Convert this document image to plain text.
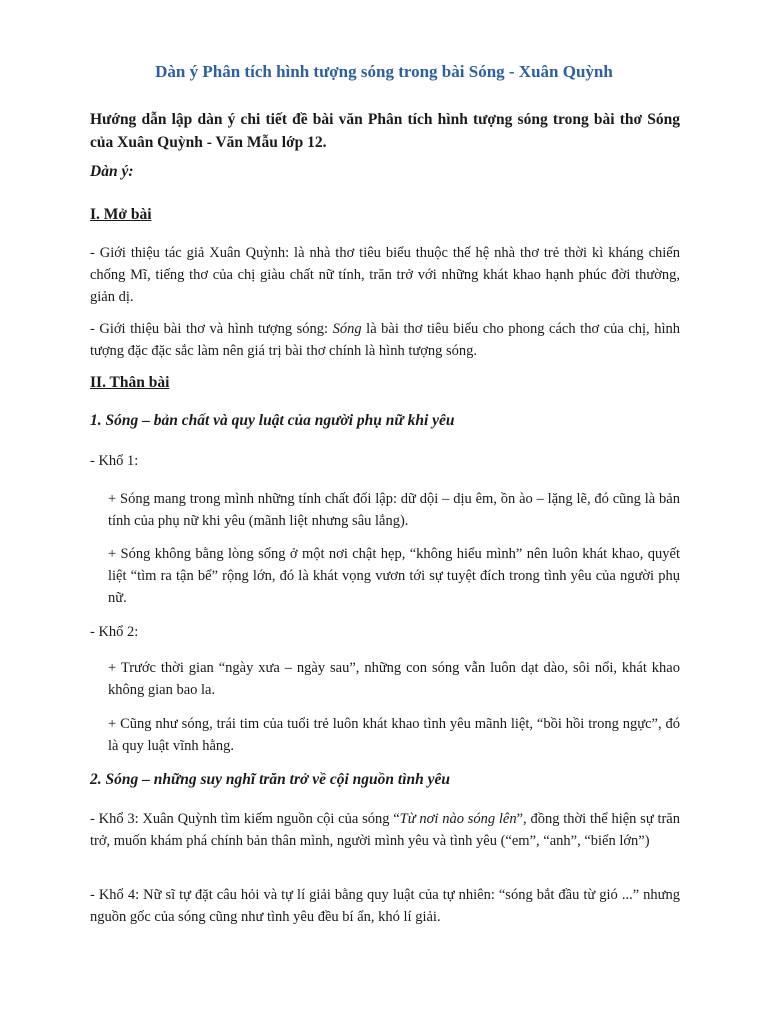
Dàn ý Phân tích hình tượng sóng trong bài Sóng - Xuân Quỳnh
Hướng dẫn lập dàn ý chi tiết đề bài văn Phân tích hình tượng sóng trong bài thơ Sóng của Xuân Quỳnh - Văn Mẫu lớp 12.
Dàn ý:
I. Mở bài
- Giới thiệu tác giả Xuân Quỳnh: là nhà thơ tiêu biểu thuộc thế hệ nhà thơ trẻ thời kì kháng chiến chống Mĩ, tiếng thơ của chị giàu chất nữ tính, trăn trở với những khát khao hạnh phúc đời thường, giản dị.
- Giới thiệu bài thơ và hình tượng sóng: Sóng là bài thơ tiêu biểu cho phong cách thơ của chị, hình tượng đặc đặc sắc làm nên giá trị bài thơ chính là hình tượng sóng.
II. Thân bài
1. Sóng – bản chất và quy luật của người phụ nữ khi yêu
- Khổ 1:
+ Sóng mang trong mình những tính chất đối lập: dữ dội – dịu êm, ồn ào – lặng lẽ, đó cũng là bản tính của phụ nữ khi yêu (mãnh liệt nhưng sâu lắng).
+ Sóng không bằng lòng sống ở một nơi chật hẹp, “không hiểu mình” nên luôn khát khao, quyết liệt “tìm ra tận bể” rộng lớn, đó là khát vọng vươn tới sự tuyệt đích trong tình yêu của người phụ nữ.
- Khổ 2:
+ Trước thời gian “ngày xưa – ngày sau”, những con sóng vẫn luôn dạt dào, sôi nổi, khát khao không gian bao la.
+ Cũng như sóng, trái tim của tuổi trẻ luôn khát khao tình yêu mãnh liệt, “bồi hồi trong ngực”, đó là quy luật vĩnh hằng.
2. Sóng – những suy nghĩ trăn trở về cội nguồn tình yêu
- Khổ 3: Xuân Quỳnh tìm kiếm nguồn cội của sóng “Từ nơi nào sóng lên”, đồng thời thể hiện sự trăn trở, muốn khám phá chính bản thân mình, người mình yêu và tình yêu (“em”, “anh”, “biển lớn”)
- Khổ 4: Nữ sĩ tự đặt câu hỏi và tự lí giải bằng quy luật của tự nhiên: “sóng bắt đầu từ gió ...” nhưng nguồn gốc của sóng cũng như tình yêu đều bí ẩn, khó lí giải.
